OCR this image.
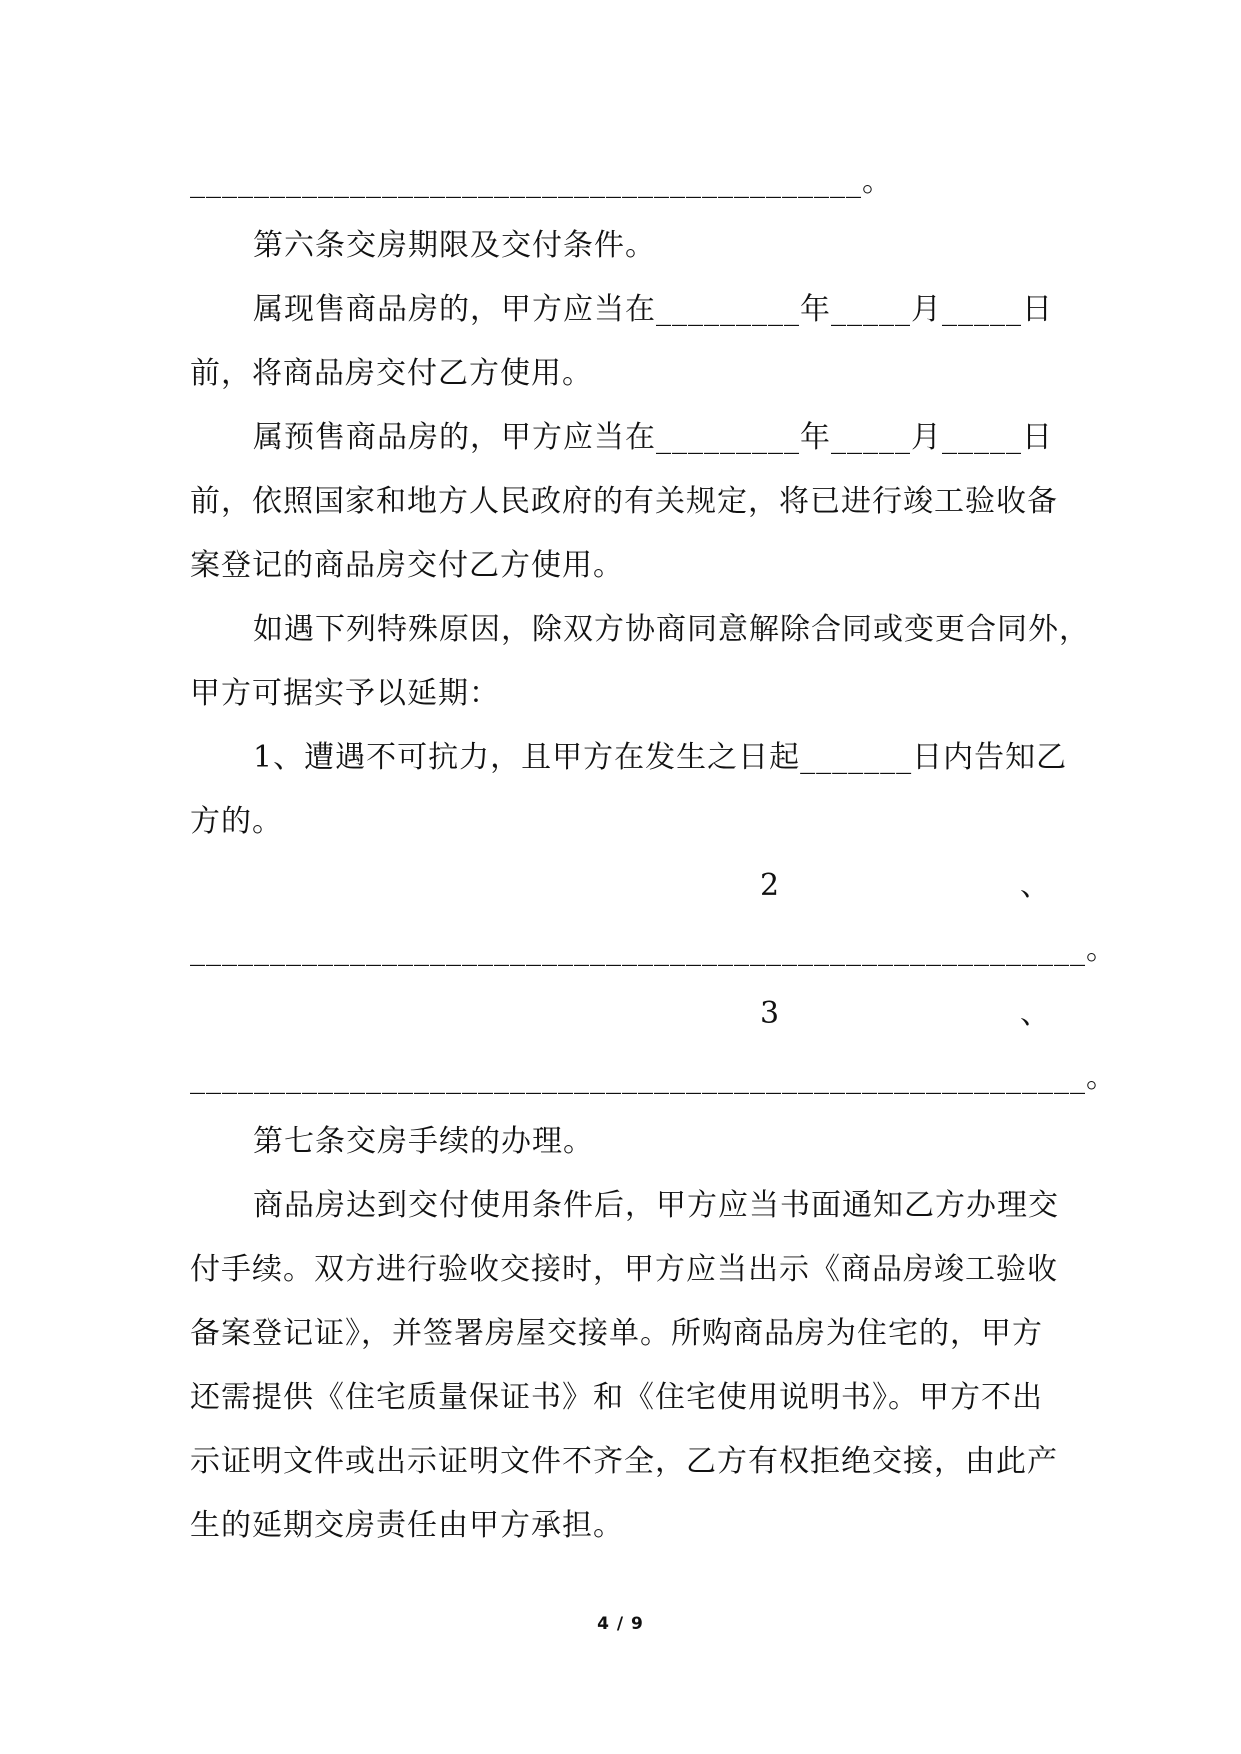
__________________________________________。
第六条交房期限及交付条件。
属现售商品房的，甲方应当在_________年_____月_____日
前，将商品房交付乙方使用。
属预售商品房的，甲方应当在_________年_____月_____日
前，依照国家和地方人民政府的有关规定，将已进行竣工验收备
案登记的商品房交付乙方使用。
如遇下列特殊原因，除双方协商同意解除合同或变更合同外，
甲方可据实予以延期：
1、遭遇不可抗力，且甲方在发生之日起_______日内告知乙
方的。
2	、
________________________________________________________。
3	、
________________________________________________________。
第七条交房手续的办理。
商品房达到交付使用条件后，甲方应当书面通知乙方办理交
付手续。双方进行验收交接时，甲方应当出示《商品房竣工验收
备案登记证》，并签署房屋交接单。所购商品房为住宅的，甲方
还需提供《住宅质量保证书》和《住宅使用说明书》。甲方不出
示证明文件或出示证明文件不齐全，乙方有权拒绝交接，由此产
生的延期交房责任由甲方承担。
4 / 9
